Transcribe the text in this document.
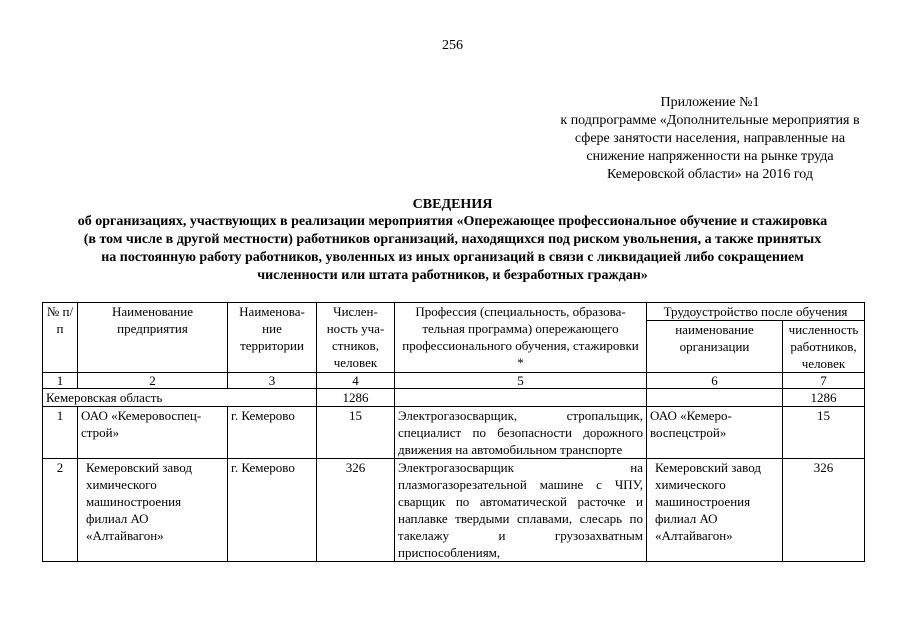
256
Приложение №1
к подпрограмме «Дополнительные мероприятия в
сфере занятости населения, направленные на
снижение напряженности на рынке труда
Кемеровской области» на 2016 год
СВЕДЕНИЯ
об организациях, участвующих в реализации мероприятия «Опережающее профессиональное обучение и стажировка
(в том числе в другой местности) работников организаций, находящихся под риском увольнения, а также принятых
на постоянную работу работников, уволенных из иных организаций в связи с ликвидацией либо сокращением
численности или штата работников, и безработных граждан»
№ п/п	Наименование предприятия	Наименова-ние территории	Числен-ность уча-стников, человек	Профессия (специальность, образова-тельная программа) опережающего профессионального обучения, стажировки *	Трудоустройство после обучения	
					наименование организации	численность работников, человек
1	2	3	4	5	6	7
Кемеровская область			1286			1286
1	ОАО «Кемеровоспец-строй»	г. Кемерово	15	Электрогазосварщик, стропальщик, специалист по безопасности дорожного движения на автомобильном транспорте	ОАО «Кемеро-воспецстрой»	15
2	Кемеровский завод химического машиностроения филиал АО «Алтайвагон»	г. Кемерово	326	Электрогазосварщик на плазмогазорезательной машине с ЧПУ, сварщик по автоматической расточке и наплавке твердыми сплавами, слесарь по такелажу и грузозахватным приспособлениям,	Кемеровский завод химического машиностроения филиал АО «Алтайвагон»	326
